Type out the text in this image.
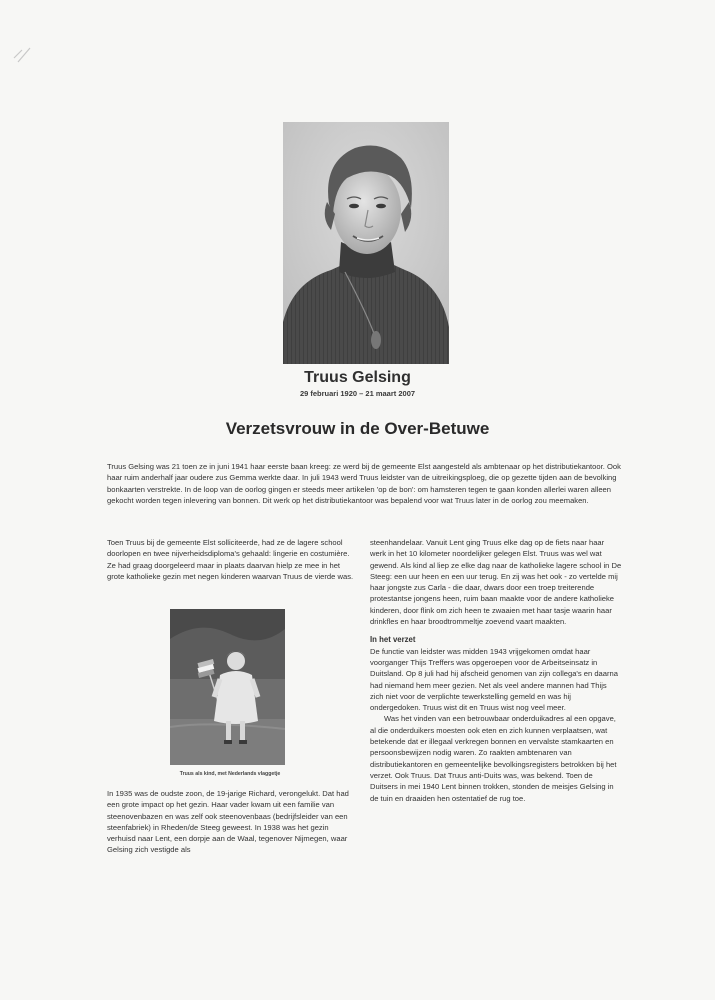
Truus Gelsing
29 februari 1920 – 21 maart 2007
Verzetsvrouw in de Over-Betuwe
Truus Gelsing was 21 toen ze in juni 1941 haar eerste baan kreeg: ze werd bij de gemeente Elst aangesteld als ambtenaar op het distributiekantoor. Ook haar ruim anderhalf jaar oudere zus Gemma werkte daar. In juli 1943 werd Truus leidster van de uitreikingsploeg, die op gezette tijden aan de bevolking bonkaarten verstrekte. In de loop van de oorlog gingen er steeds meer artikelen 'op de bon': om hamsteren tegen te gaan konden allerlei waren alleen gekocht worden tegen inlevering van bonnen. Dit werk op het distributiekantoor was bepalend voor wat Truus later in de oorlog zou meemaken.

Toen Truus bij de gemeente Elst solliciteerde, had ze de lagere school doorlopen en twee nijverheidsdiploma's gehaald: lingerie en costumière. Ze had graag doorgeleerd maar in plaats daarvan hielp ze mee in het grote katholieke gezin met negen kinderen waarvan Truus de vierde was.

Truus als kind, met Nederlands vlaggetje

In 1935 was de oudste zoon, de 19-jarige Richard, verongelukt. Dat had een grote impact op het gezin. Haar vader kwam uit een familie van steenovenbazen en was zelf ook steenovenbaas (bedrijfsleider van een steenfabriek) in Rheden/de Steeg geweest. In 1938 was het gezin verhuisd naar Lent, een dorpje aan de Waal, tegenover Nijmegen, waar Gelsing zich vestigde als

steenhandelaar. Vanuit Lent ging Truus elke dag op de fiets naar haar werk in het 10 kilometer noordelijker gelegen Elst. Truus was wel wat gewend. Als kind al liep ze elke dag naar de katholieke lagere school in De Steeg: een uur heen en een uur terug. En zij was het ook - zo vertelde mij haar jongste zus Carla - die daar, dwars door een troep treiterende protestantse jongens heen, ruim baan maakte voor de andere katholieke kinderen, door flink om zich heen te zwaaien met haar tasje waarin haar drinkfles en haar broodtrommeltje zoevend vaart maakten.

In het verzet

De functie van leidster was midden 1943 vrijgekomen omdat haar voorganger Thijs Treffers was opgeroepen voor de Arbeitseinsatz in Duitsland. Op 8 juli had hij afscheid genomen van zijn collega's en daarna had niemand hem meer gezien. Net als veel andere mannen had Thijs zich niet voor de verplichte tewerkstelling gemeld en was hij ondergedoken. Truus wist dit en Truus wist nog veel meer.

Was het vinden van een betrouwbaar onderduikadres al een opgave, al die onderduikers moesten ook eten en zich kunnen verplaatsen, wat betekende dat er illegaal verkregen bonnen en vervalste stamkaarten en persoonsbewijzen nodig waren. Zo raakten ambtenaren van distributiekantoren en gemeentelijke bevolkingsregisters betrokken bij het verzet. Ook Truus. Dat Truus anti-Duits was, was bekend. Toen de Duitsers in mei 1940 Lent binnen trokken, stonden de meisjes Gelsing in de tuin en draaiden hen ostentatief de rug toe.
